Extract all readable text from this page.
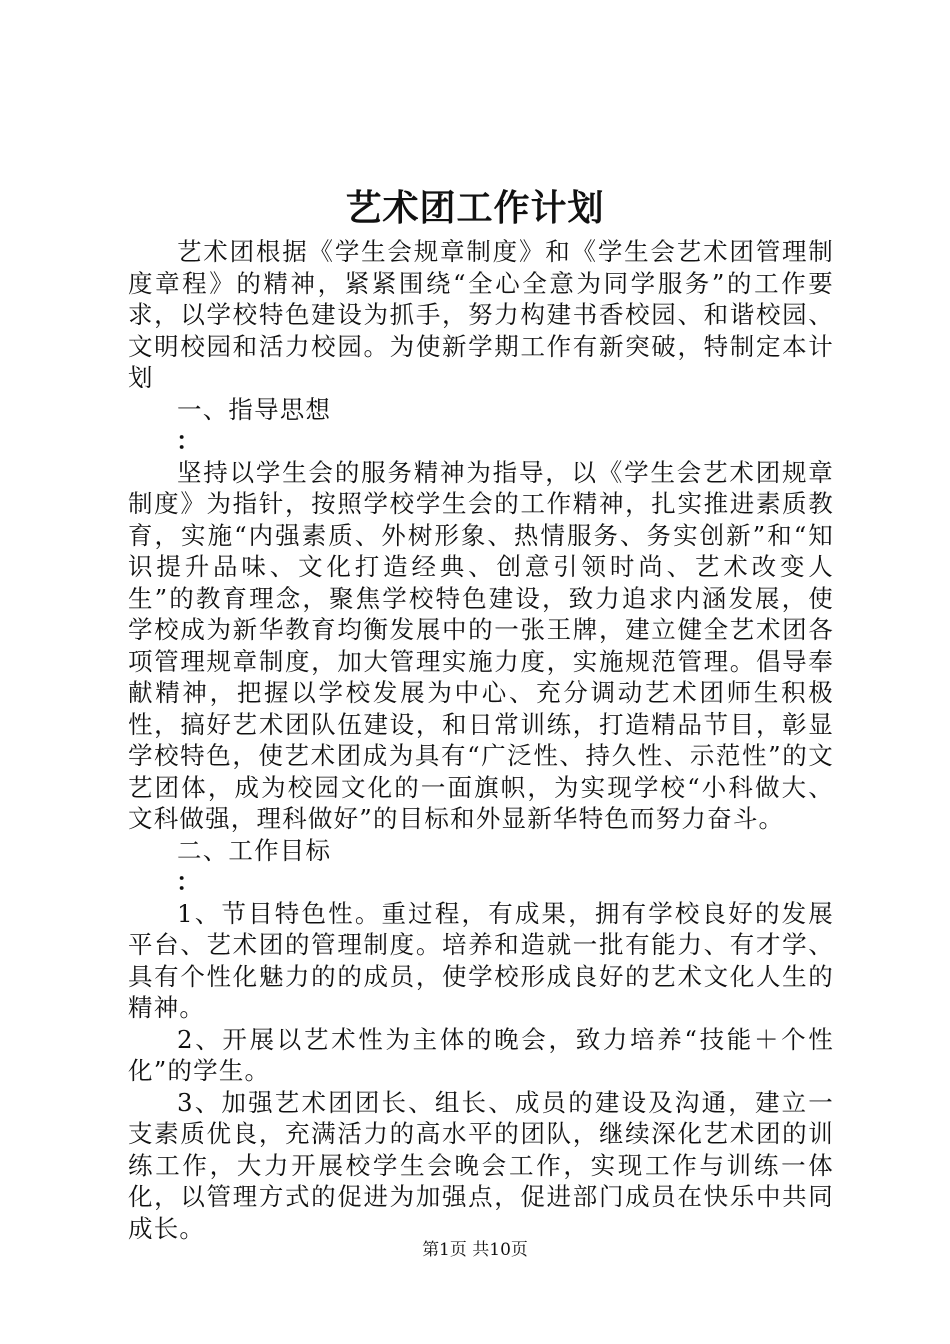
艺术团工作计划

艺术团根据《学生会规章制度》和《学生会艺术团管理制度章程》的精神，紧紧围绕“全心全意为同学服务”的工作要求，以学校特色建设为抓手，努力构建书香校园、和谐校园、文明校园和活力校园。为使新学期工作有新突破，特制定本计划

一、指导思想

：

坚持以学生会的服务精神为指导，以《学生会艺术团规章制度》为指针，按照学校学生会的工作精神，扎实推进素质教育，实施“内强素质、外树形象、热情服务、务实创新”和“知识提升品味、文化打造经典、创意引领时尚、艺术改变人生”的教育理念，聚焦学校特色建设，致力追求内涵发展，使学校成为新华教育均衡发展中的一张王牌，建立健全艺术团各项管理规章制度，加大管理实施力度，实施规范管理。倡导奉献精神，把握以学校发展为中心、充分调动艺术团师生积极性，搞好艺术团队伍建设，和日常训练，打造精品节目，彰显学校特色，使艺术团成为具有“广泛性、持久性、示范性”的文艺团体，成为校园文化的一面旗帜，为实现学校“小科做大、文科做强，理科做好”的目标和外显新华特色而努力奋斗。

二、工作目标

：

1、节目特色性。重过程，有成果，拥有学校良好的发展平台、艺术团的管理制度。培养和造就一批有能力、有才学、具有个性化魅力的的成员，使学校形成良好的艺术文化人生的精神。

2、开展以艺术性为主体的晚会，致力培养“技能＋个性化”的学生。

3、加强艺术团团长、组长、成员的建设及沟通，建立一支素质优良，充满活力的高水平的团队，继续深化艺术团的训练工作，大力开展校学生会晚会工作，实现工作与训练一体化，以管理方式的促进为加强点，促进部门成员在快乐中共同成长。

第1页 共10页
